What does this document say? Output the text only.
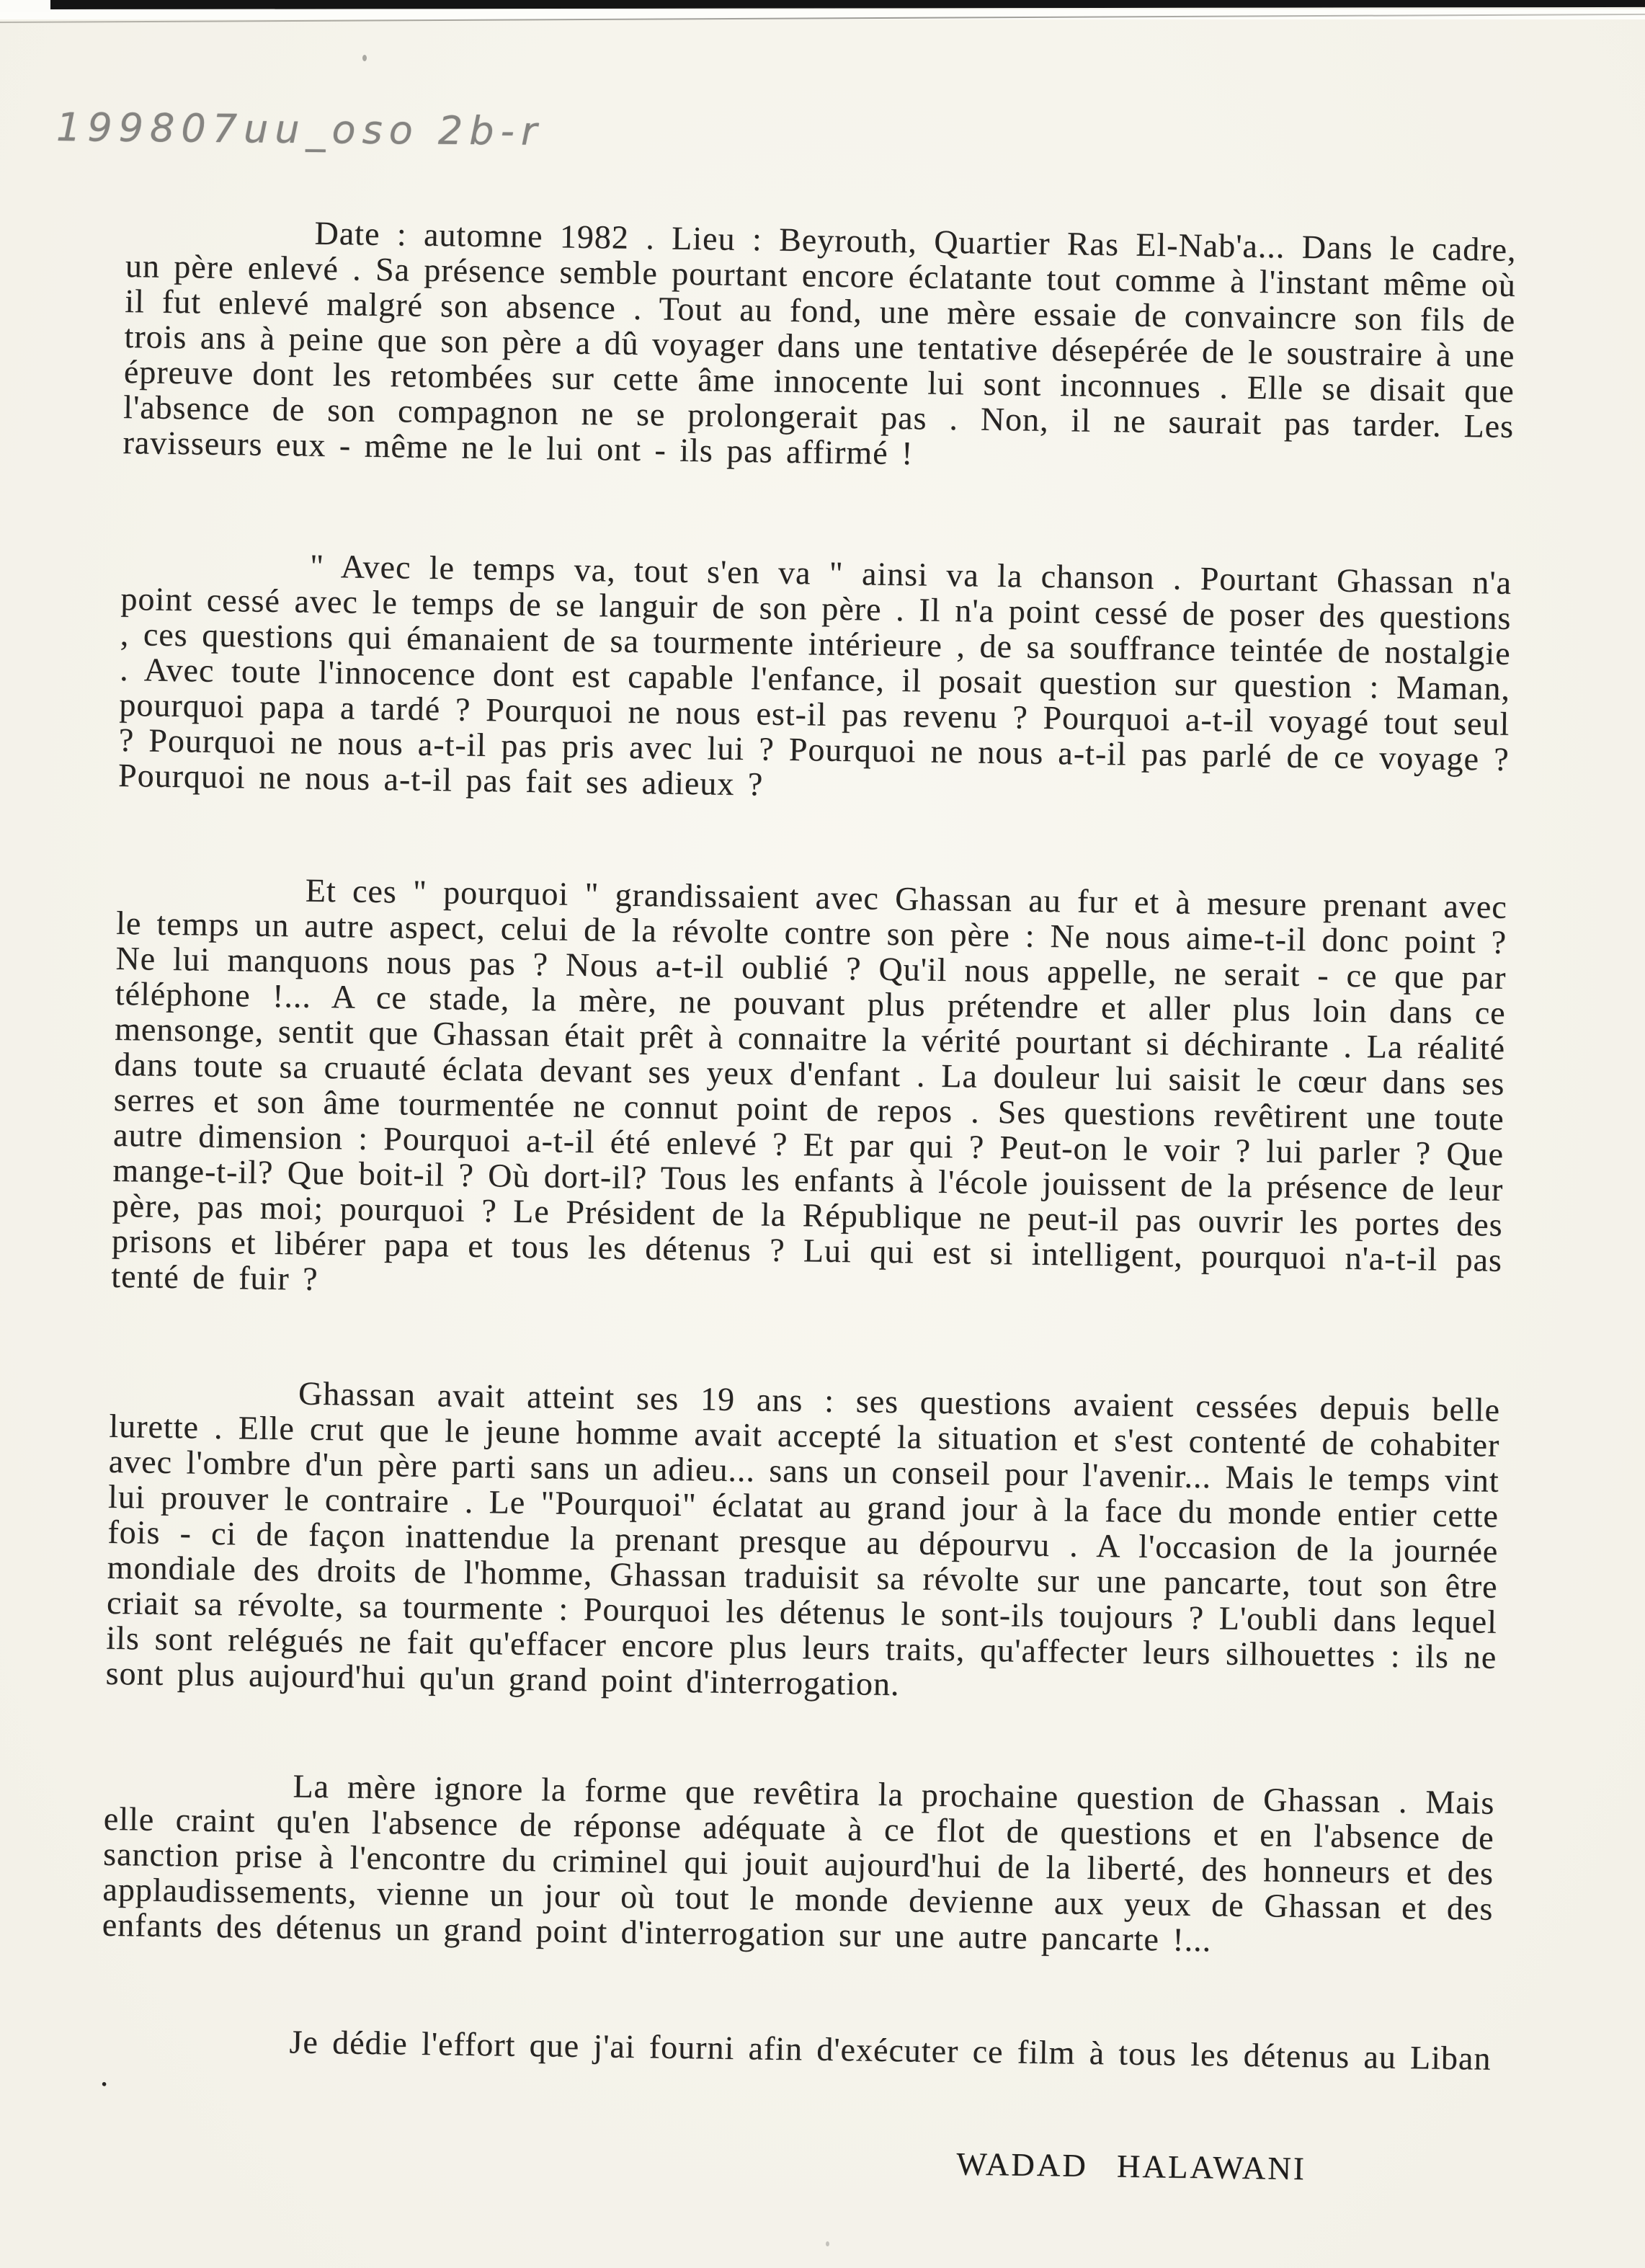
199807uu_oso 2b-r

Date : automne 1982 . Lieu : Beyrouth, Quartier Ras El-Nab'a... Dans le cadre, un père enlevé . Sa présence semble pourtant encore éclatante tout comme à l'instant même où il fut enlevé malgré son absence . Tout au fond, une mère essaie de convaincre son fils de trois ans à peine que son père a dû voyager dans une tentative désepérée de le soustraire à une épreuve dont les retombées sur cette âme innocente lui sont inconnues . Elle se disait que l'absence de son compagnon ne se prolongerait pas . Non, il ne saurait pas tarder. Les ravisseurs eux - même ne le lui ont - ils pas affirmé !

" Avec le temps va, tout s'en va " ainsi va la chanson . Pourtant Ghassan n'a point cessé avec le temps de se languir de son père . Il n'a point cessé de poser des questions , ces questions qui émanaient de sa tourmente intérieure , de sa souffrance teintée de nostalgie . Avec toute l'innocence dont est capable l'enfance, il posait question sur question : Maman, pourquoi papa a tardé ? Pourquoi ne nous est-il pas revenu ? Pourquoi a-t-il voyagé tout seul ? Pourquoi ne nous a-t-il pas pris avec lui ? Pourquoi ne nous a-t-il pas parlé de ce voyage ? Pourquoi ne nous a-t-il pas fait ses adieux ?

Et ces " pourquoi " grandissaient avec Ghassan au fur et à mesure prenant avec le temps un autre aspect, celui de la révolte contre son père : Ne nous aime-t-il donc point ? Ne lui manquons nous pas ? Nous a-t-il oublié ? Qu'il nous appelle, ne serait - ce que par téléphone !... A ce stade, la mère, ne pouvant plus prétendre et aller plus loin dans ce mensonge, sentit que Ghassan était prêt à connaitre la vérité pourtant si déchirante . La réalité dans toute sa cruauté éclata devant ses yeux d'enfant . La douleur lui saisit le cœur dans ses serres et son âme tourmentée ne connut point de repos . Ses questions revêtirent une toute autre dimension : Pourquoi a-t-il été enlevé ? Et par qui ? Peut-on le voir ? lui parler ? Que mange-t-il? Que boit-il ? Où dort-il? Tous les enfants à l'école jouissent de la présence de leur père, pas moi; pourquoi ? Le Président de la République ne peut-il pas ouvrir les portes des prisons et libérer papa et tous les détenus ? Lui qui est si intelligent, pourquoi n'a-t-il pas tenté de fuir ?

Ghassan avait atteint ses 19 ans : ses questions avaient cessées depuis belle lurette . Elle crut que le jeune homme avait accepté la situation et s'est contenté de cohabiter avec l'ombre d'un père parti sans un adieu... sans un conseil pour l'avenir... Mais le temps vint lui prouver le contraire . Le "Pourquoi" éclatat au grand jour à la face du monde entier cette fois - ci de façon inattendue la prenant presque au dépourvu . A l'occasion de la journée mondiale des droits de l'homme, Ghassan traduisit sa révolte sur une pancarte, tout son être criait sa révolte, sa tourmente : Pourquoi les détenus le sont-ils toujours ? L'oubli dans lequel ils sont relégués ne fait qu'effacer encore plus leurs traits, qu'affecter leurs silhouettes : ils ne sont plus aujourd'hui qu'un grand point d'interrogation.

La mère ignore la forme que revêtira la prochaine question de Ghassan . Mais elle craint qu'en l'absence de réponse adéquate à ce flot de questions et en l'absence de sanction prise à l'encontre du criminel qui jouit aujourd'hui de la liberté, des honneurs et des applaudissements, vienne un jour où tout le monde devienne aux yeux de Ghassan et des enfants des détenus un grand point d'interrogation sur une autre pancarte !...

Je dédie l'effort que j'ai fourni afin d'exécuter ce film à tous les détenus au Liban .

WADAD HALAWANI
